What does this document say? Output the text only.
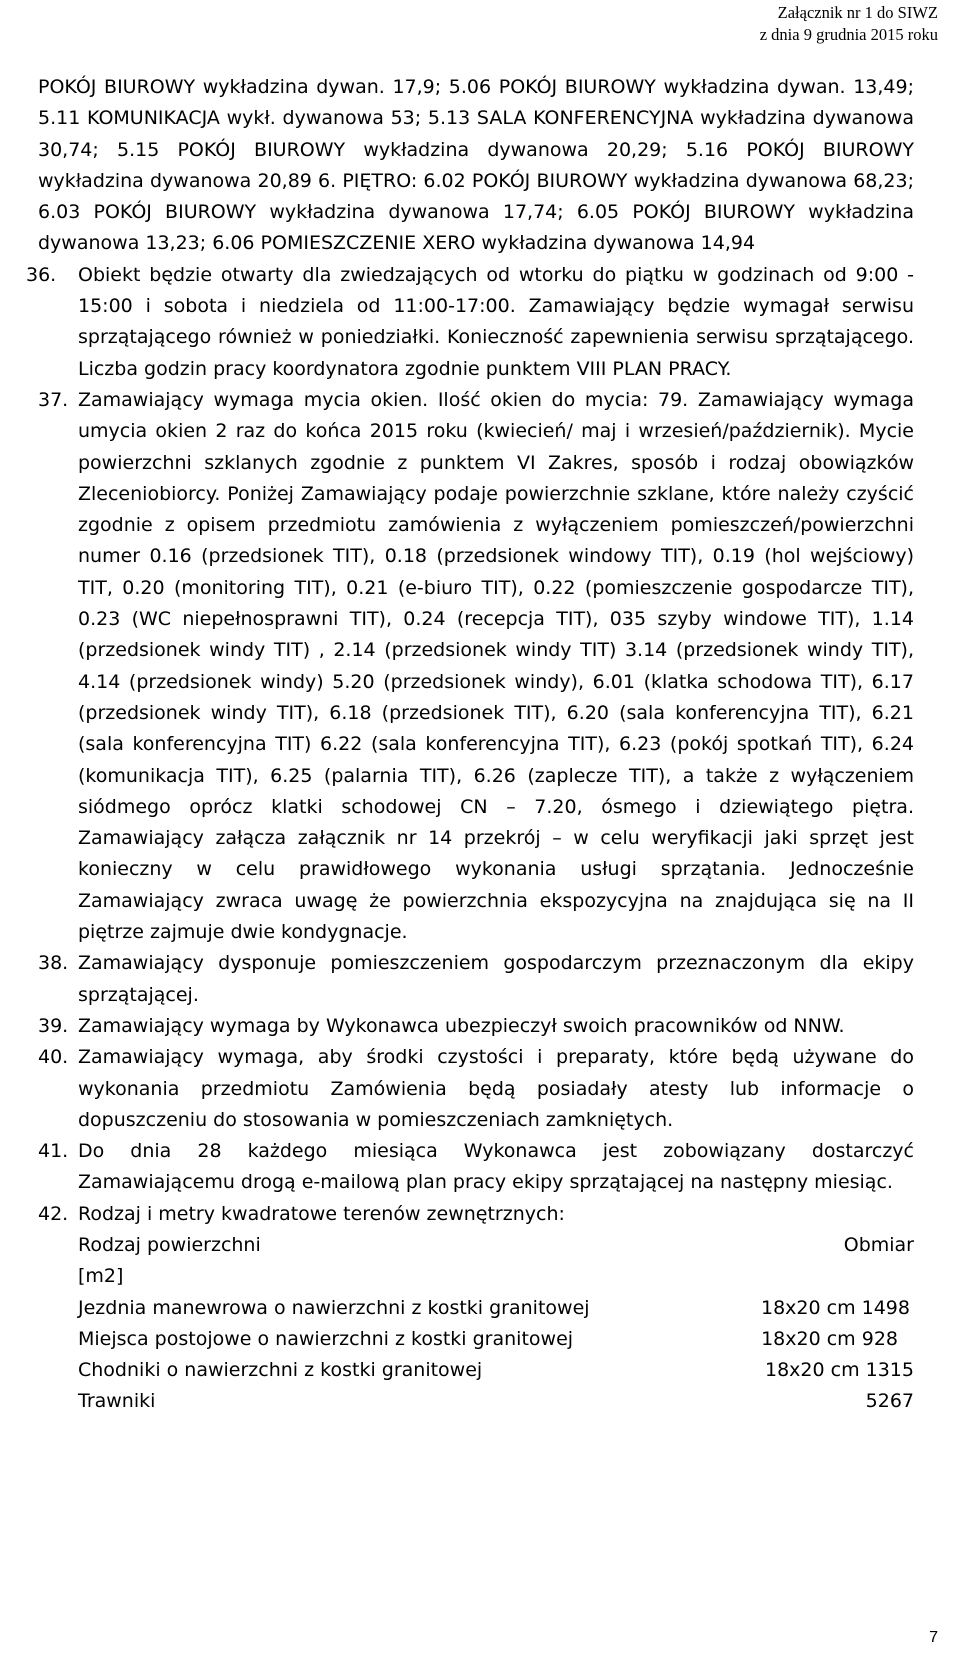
Załącznik nr 1 do SIWZ
z dnia 9 grudnia 2015 roku

POKÓJ BIUROWY wykładzina dywan. 17,9; 5.06 POKÓJ BIUROWY wykładzina dywan. 13,49; 5.11 KOMUNIKACJA wykł. dywanowa 53; 5.13 SALA KONFERENCYJNA wykładzina dywanowa 30,74; 5.15 POKÓJ BIUROWY wykładzina dywanowa 20,29; 5.16 POKÓJ BIUROWY wykładzina dywanowa 20,89 6. PIĘTRO: 6.02 POKÓJ BIUROWY wykładzina dywanowa 68,23; 6.03 POKÓJ BIUROWY wykładzina dywanowa 17,74; 6.05 POKÓJ BIUROWY wykładzina dywanowa 13,23; 6.06 POMIESZCZENIE XERO wykładzina dywanowa 14,94

36.	Obiekt będzie otwarty dla zwiedzających od wtorku do piątku w godzinach od 9:00 - 15:00 i sobota i niedziela od 11:00-17:00. Zamawiający będzie wymagał serwisu sprzątającego również w poniedziałki. Konieczność zapewnienia serwisu sprzątającego. Liczba godzin pracy koordynatora zgodnie punktem VIII PLAN PRACY.

37. Zamawiający wymaga mycia okien. Ilość okien do mycia: 79. Zamawiający wymaga umycia okien 2 raz do końca 2015 roku (kwiecień/ maj i wrzesień/październik). Mycie powierzchni szklanych zgodnie z punktem VI Zakres, sposób i rodzaj obowiązków Zleceniobiorcy. Poniżej Zamawiający podaje powierzchnie szklane, które należy czyścić zgodnie z opisem przedmiotu zamówienia z wyłączeniem pomieszczeń/powierzchni numer 0.16 (przedsionek TIT), 0.18 (przedsionek windowy TIT), 0.19 (hol wejściowy) TIT, 0.20 (monitoring TIT), 0.21 (e-biuro TIT), 0.22 (pomieszczenie gospodarcze TIT), 0.23 (WC niepełnosprawni TIT), 0.24 (recepcja TIT), 035 szyby windowe TIT), 1.14 (przedsionek windy TIT) , 2.14 (przedsionek windy TIT) 3.14 (przedsionek windy TIT), 4.14 (przedsionek windy) 5.20 (przedsionek windy), 6.01 (klatka schodowa TIT), 6.17 (przedsionek windy TIT), 6.18 (przedsionek TIT), 6.20 (sala konferencyjna TIT), 6.21 (sala konferencyjna TIT) 6.22 (sala konferencyjna TIT), 6.23 (pokój spotkań TIT), 6.24 (komunikacja TIT), 6.25 (palarnia TIT), 6.26 (zaplecze TIT), a także z wyłączeniem siódmego oprócz klatki schodowej CN – 7.20, ósmego i dziewiątego piętra. Zamawiający załącza załącznik nr 14 przekrój – w celu weryfikacji jaki sprzęt jest konieczny w celu prawidłowego wykonania usługi sprzątania. Jednocześnie Zamawiający zwraca uwagę że powierzchnia ekspozycyjna na znajdująca się na II piętrze zajmuje dwie kondygnacje.

38. Zamawiający dysponuje pomieszczeniem gospodarczym przeznaczonym dla ekipy sprzątającej.

39. Zamawiający wymaga by Wykonawca ubezpieczył swoich pracowników od NNW.

40. Zamawiający wymaga, aby środki czystości i preparaty, które będą używane do wykonania przedmiotu Zamówienia będą posiadały atesty lub informacje o dopuszczeniu do stosowania w pomieszczeniach zamkniętych.

41. Do dnia 28 każdego miesiąca Wykonawca jest zobowiązany dostarczyć Zamawiającemu drogą e-mailową plan pracy ekipy sprzątającej na następny miesiąc.

42. Rodzaj i metry kwadratowe terenów zewnętrznych:
Rodzaj powierzchni	Obmiar
[m2]
Jezdnia manewrowa o nawierzchni z kostki granitowej	18x20 cm 1498
Miejsca postojowe o nawierzchni z kostki granitowej	18x20 cm 928
Chodniki o nawierzchni z kostki granitowej	18x20 cm 1315
Trawniki	5267
7
